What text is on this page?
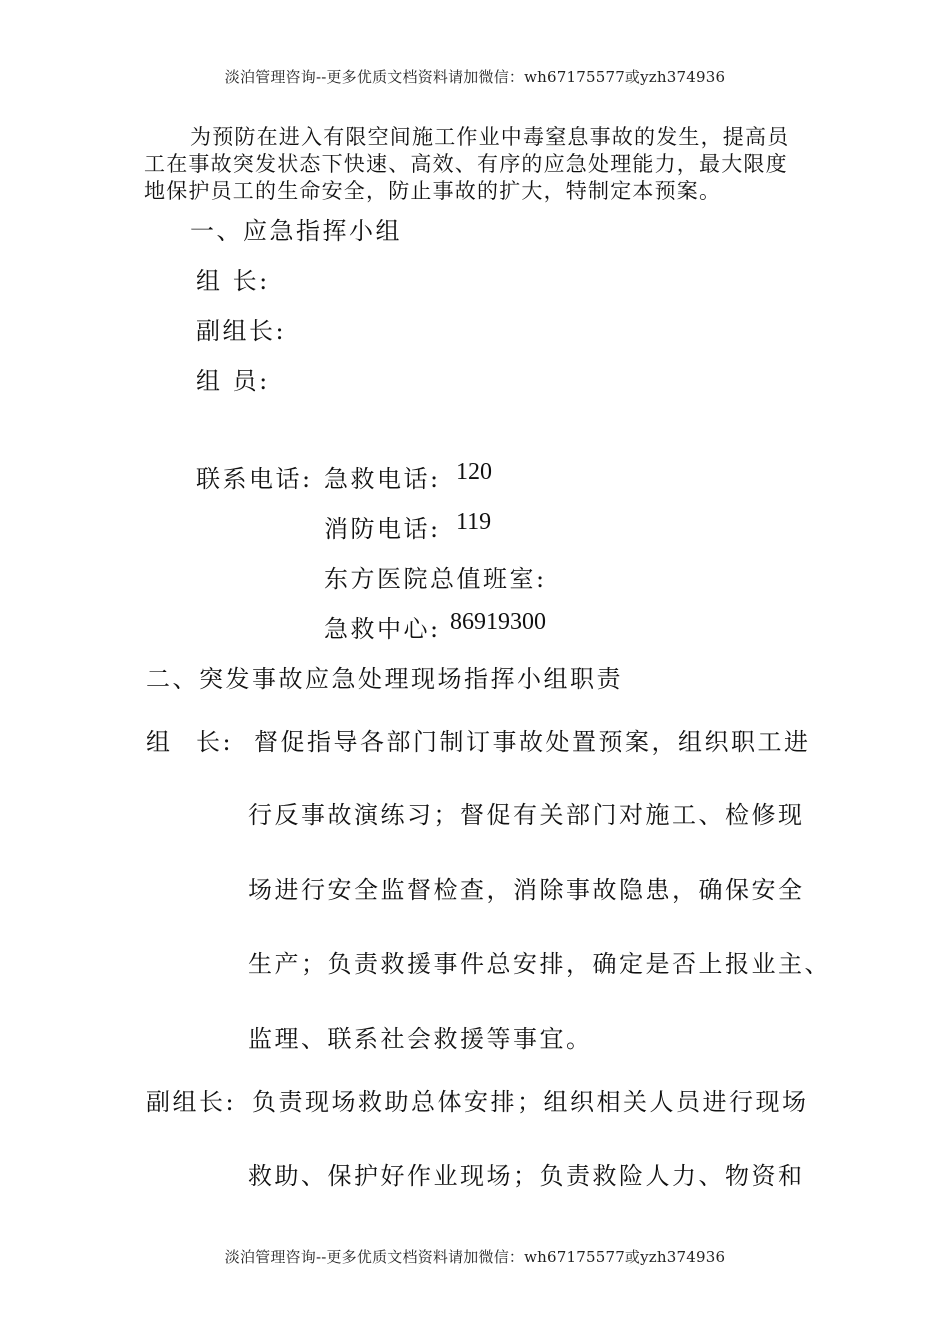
淡泊管理咨询--更多优质文档资料请加微信：wh67175577或yzh374936

为预防在进入有限空间施工作业中毒窒息事故的发生，提高员工在事故突发状态下快速、高效、有序的应急处理能力，最大限度地保护员工的生命安全，防止事故的扩大，特制定本预案。

一、应急指挥小组
组 长:
副组长:
组 员:
联系电话: 急救电话: 120
消防电话: 119
东方医院总值班室:
急救中心: 86919300
二、突发事故应急处理现场指挥小组职责
组 长: 督促指导各部门制订事故处置预案，组织职工进
行反事故演练习；督促有关部门对施工、检修现
场进行安全监督检查，消除事故隐患，确保安全
生产；负责救援事件总安排，确定是否上报业主、
监理、联系社会救援等事宜。
副组长: 负责现场救助总体安排；组织相关人员进行现场
救助、保护好作业现场；负责救险人力、物资和
淡泊管理咨询--更多优质文档资料请加微信：wh67175577或yzh374936
